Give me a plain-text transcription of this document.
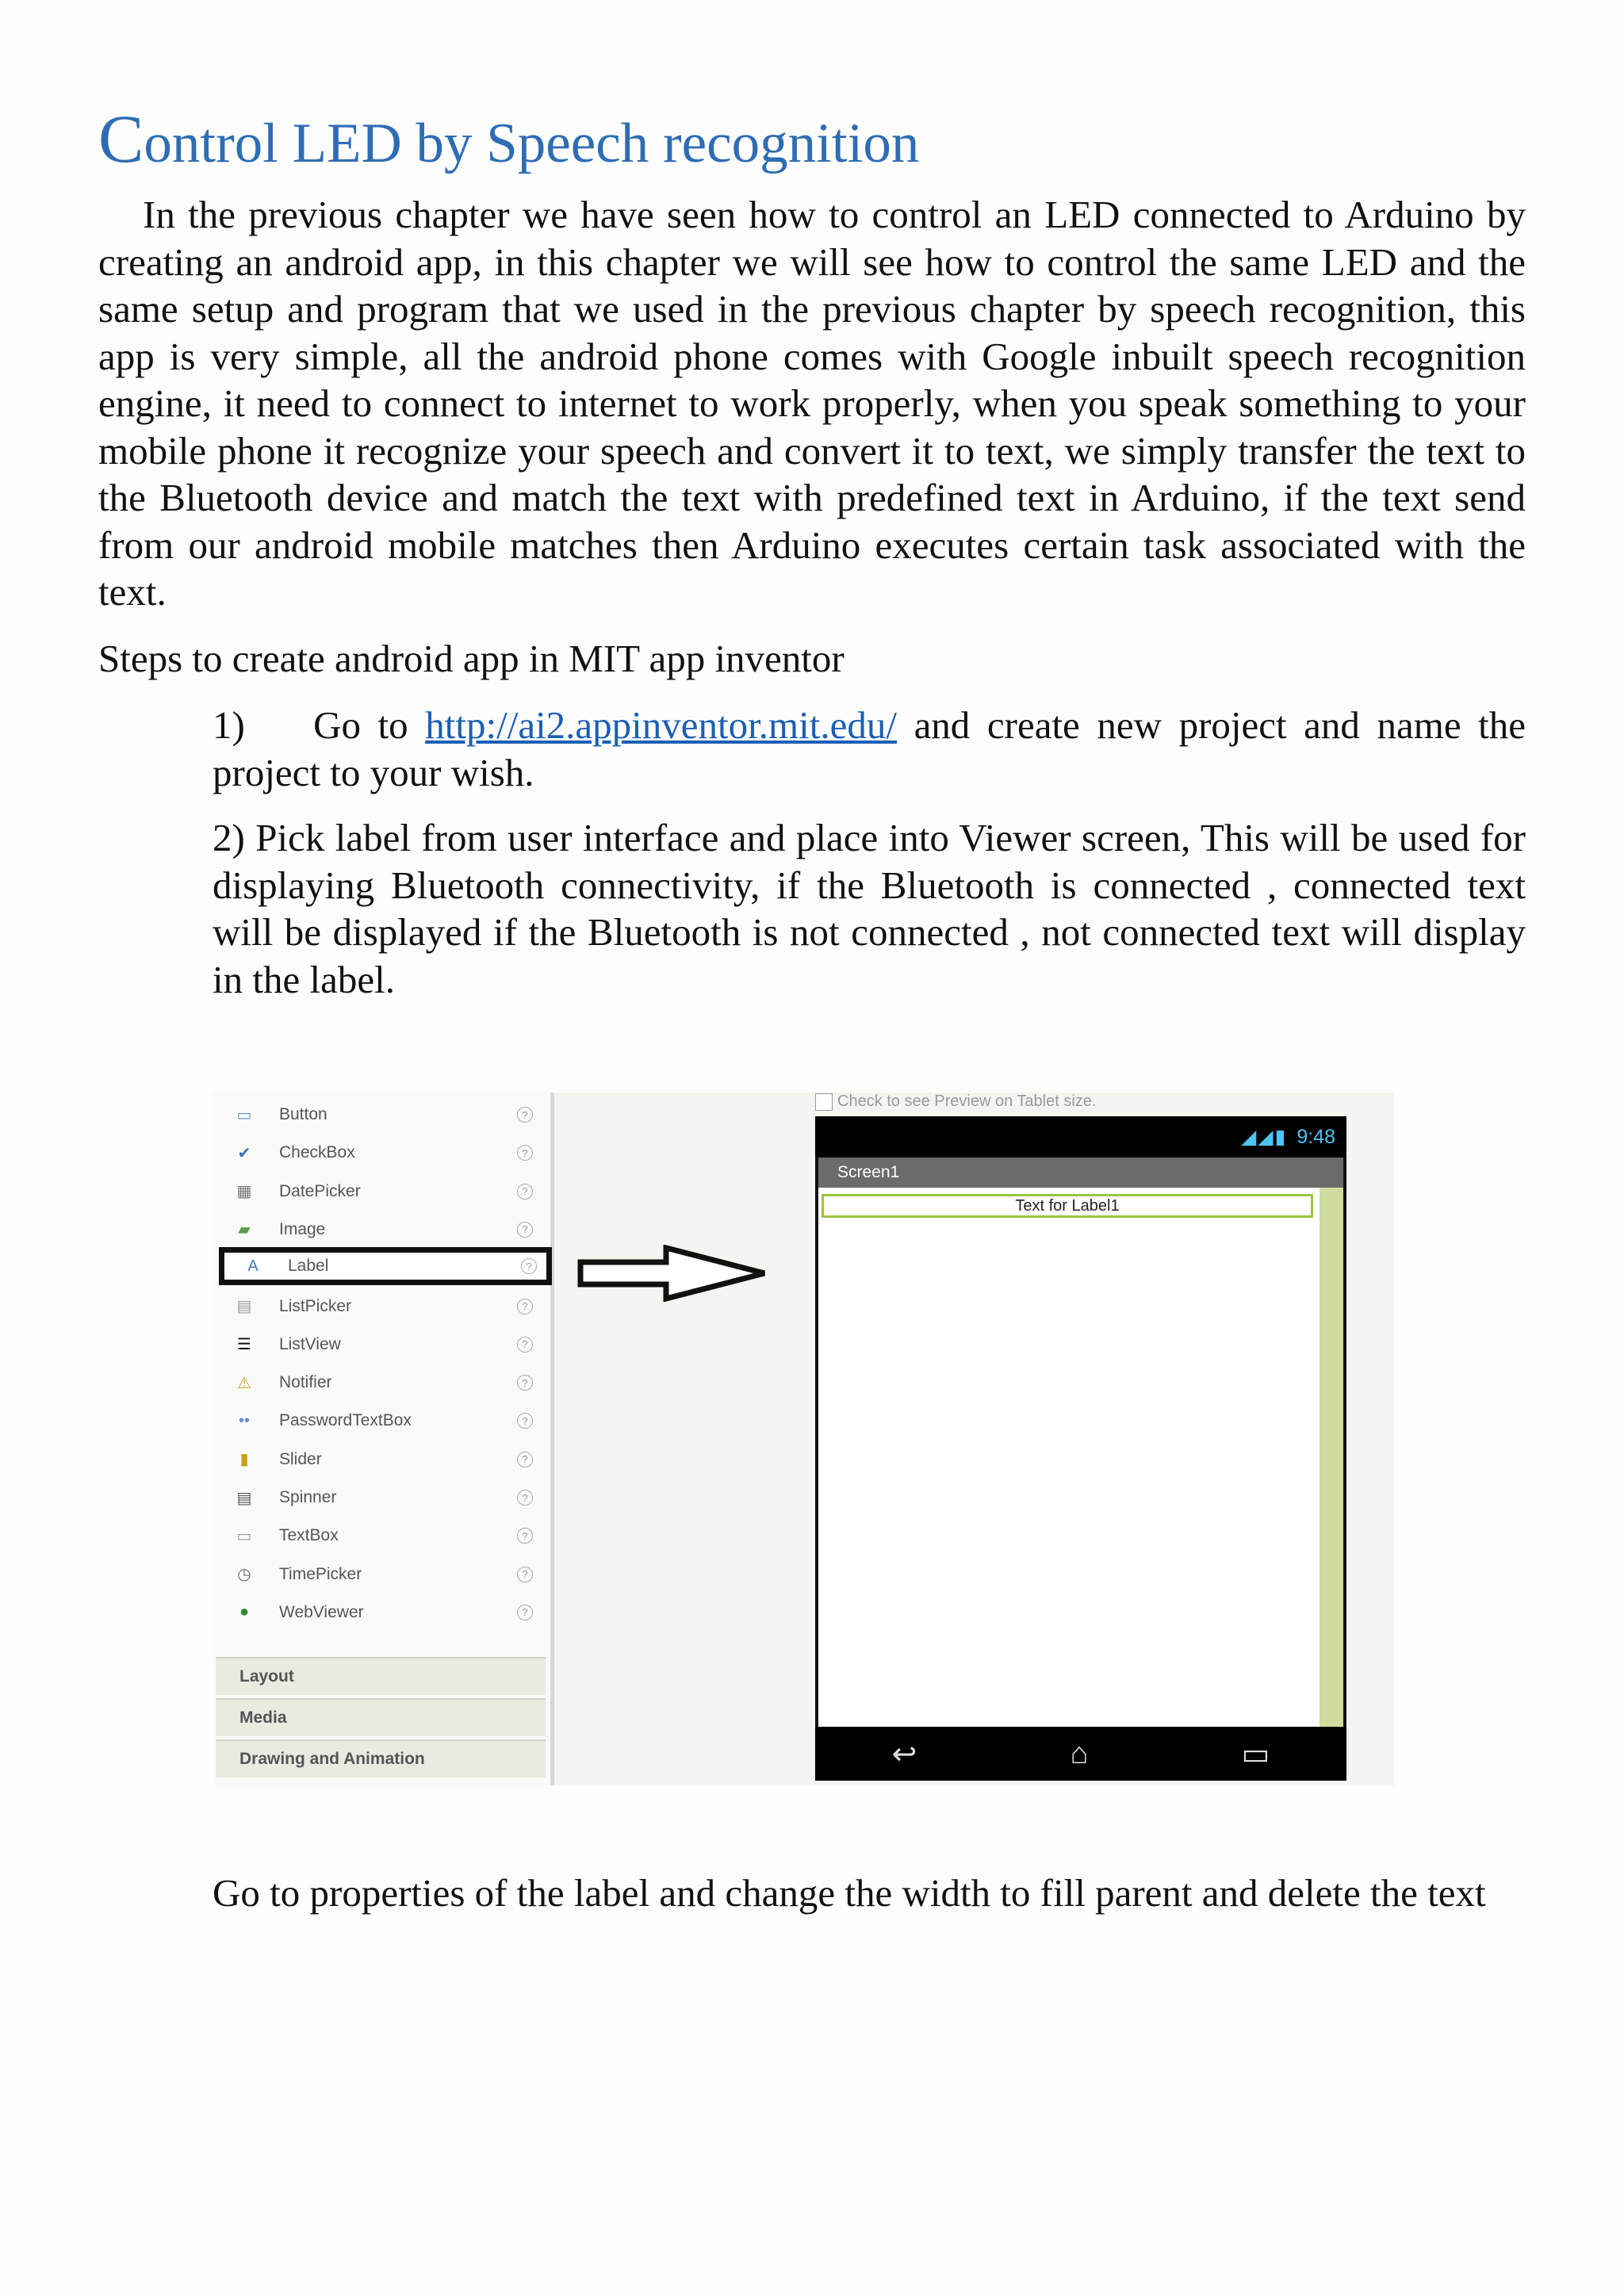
Control LED by Speech recognition

In the previous chapter we have seen how to control an LED connected to Arduino by creating an android app, in this chapter we will see how to control the same LED and the same setup and program that we used in the previous chapter by speech recognition, this app is very simple, all the android phone comes with Google inbuilt speech recognition engine, it need to connect to internet to work properly, when you speak something to your mobile phone it recognize your speech and convert it to text, we simply transfer the text to the Bluetooth device and match the text with predefined text in Arduino, if the text send from our android mobile matches then Arduino executes certain task associated with the text.

Steps to create android app in MIT app inventor

1) Go to http://ai2.appinventor.mit.edu/ and create new project and name the project to your wish.

2) Pick label from user interface and place into Viewer screen, This will be used for displaying Bluetooth connectivity, if the Bluetooth is connected , connected text will be displayed if the Bluetooth is not connected , not connected text will display in the label.

▭ Button	?
✔ CheckBox	?
▦ DatePicker	?
▰	Image	?
A	Label	?
▤ ListPicker	?
☰ ListView	?
⚠ Notifier	?
••	PasswordTextBox	?
▮	Slider	?
▤ Spinner	?
▭ TextBox	?
◷ TimePicker	?
●	WebViewer	?
Layout
Media
Drawing and Animation
Check to see Preview on Tablet size.
◢◢▮ 9:48
Screen1
Text for Label1
↩	⌂	▭

Go to properties of the label and change the width to fill parent and delete the text
